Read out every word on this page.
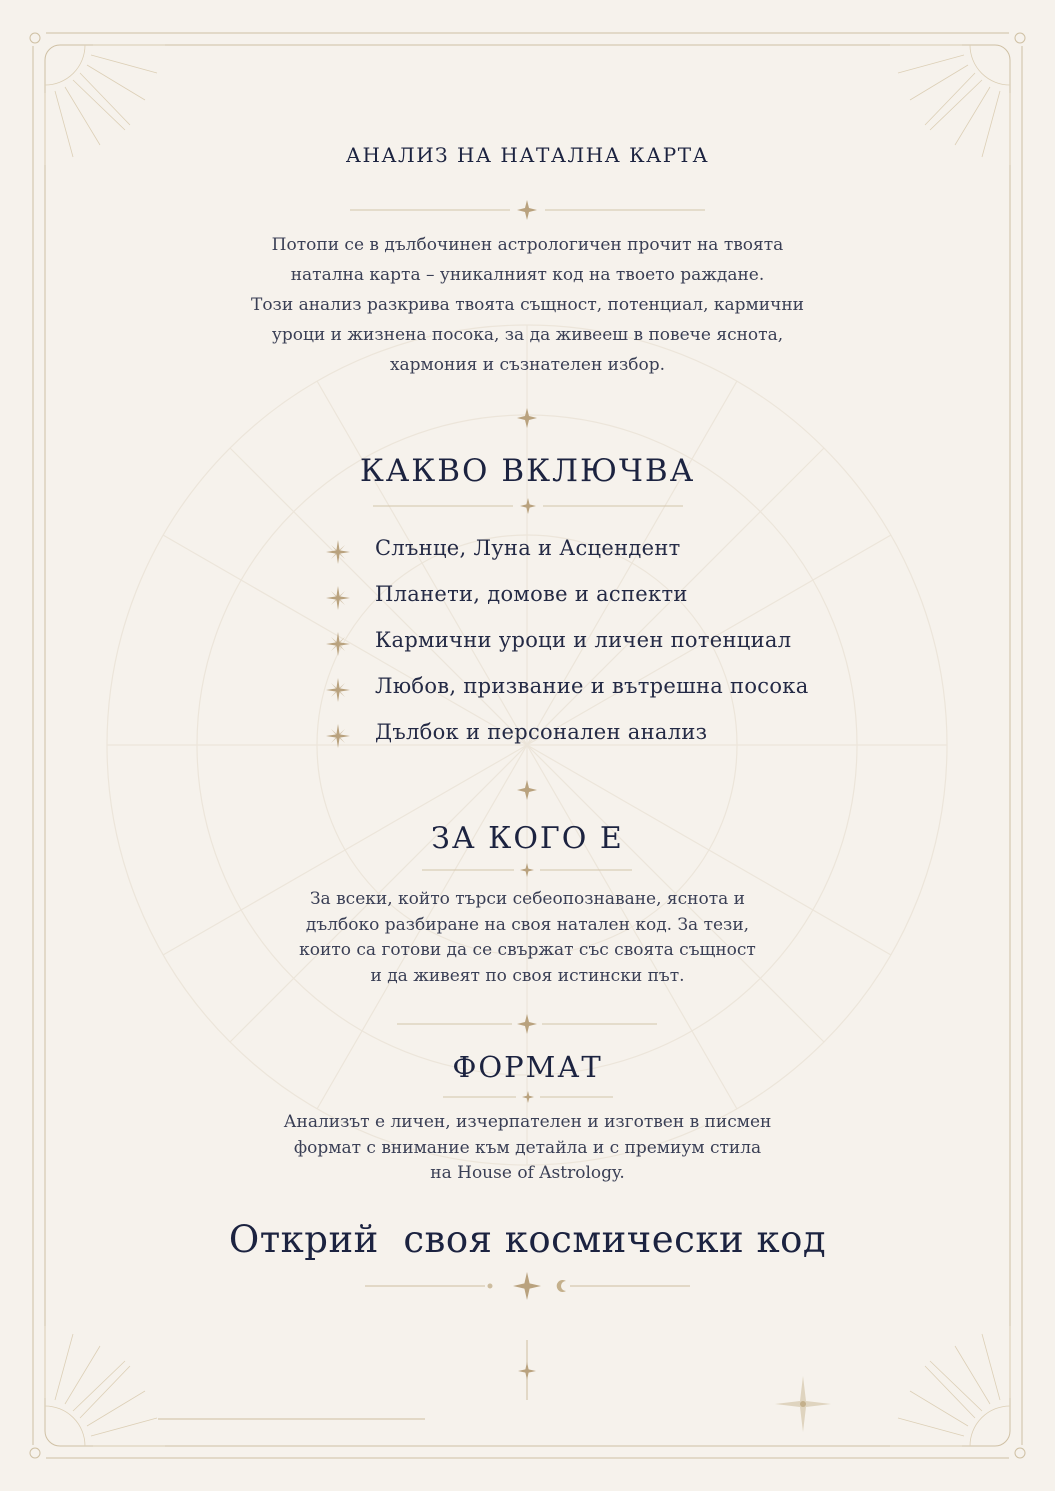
АНАЛИЗ НА НАТАЛНА КАРТА
Потопи се в дълбочинен астрологичен прочит на твоята
натална карта – уникалният код на твоето раждане.
Този анализ разкрива твоята същност, потенциал, кармични
уроци и жизнена посока, за да живееш в повече яснота,
хармония и съзнателен избор.
КАКВО ВКЛЮЧВА
Слънце, Луна и Асцендент
Планети, домове и аспекти
Кармични уроци и личен потенциал
Любов, призвание и вътрешна посока
Дълбок и персонален анализ
ЗА КОГО Е
За всеки, който търси себеопознаване, яснота и
дълбоко разбиране на своя натален код. За тези,
които са готови да се свържат със своята същност
и да живеят по своя истински път.
ФОРМАТ
Анализът е личен, изчерпателен и изготвен в писмен
формат с внимание към детайла и с премиум стила
на House of Astrology.
Открий  своя космически код
